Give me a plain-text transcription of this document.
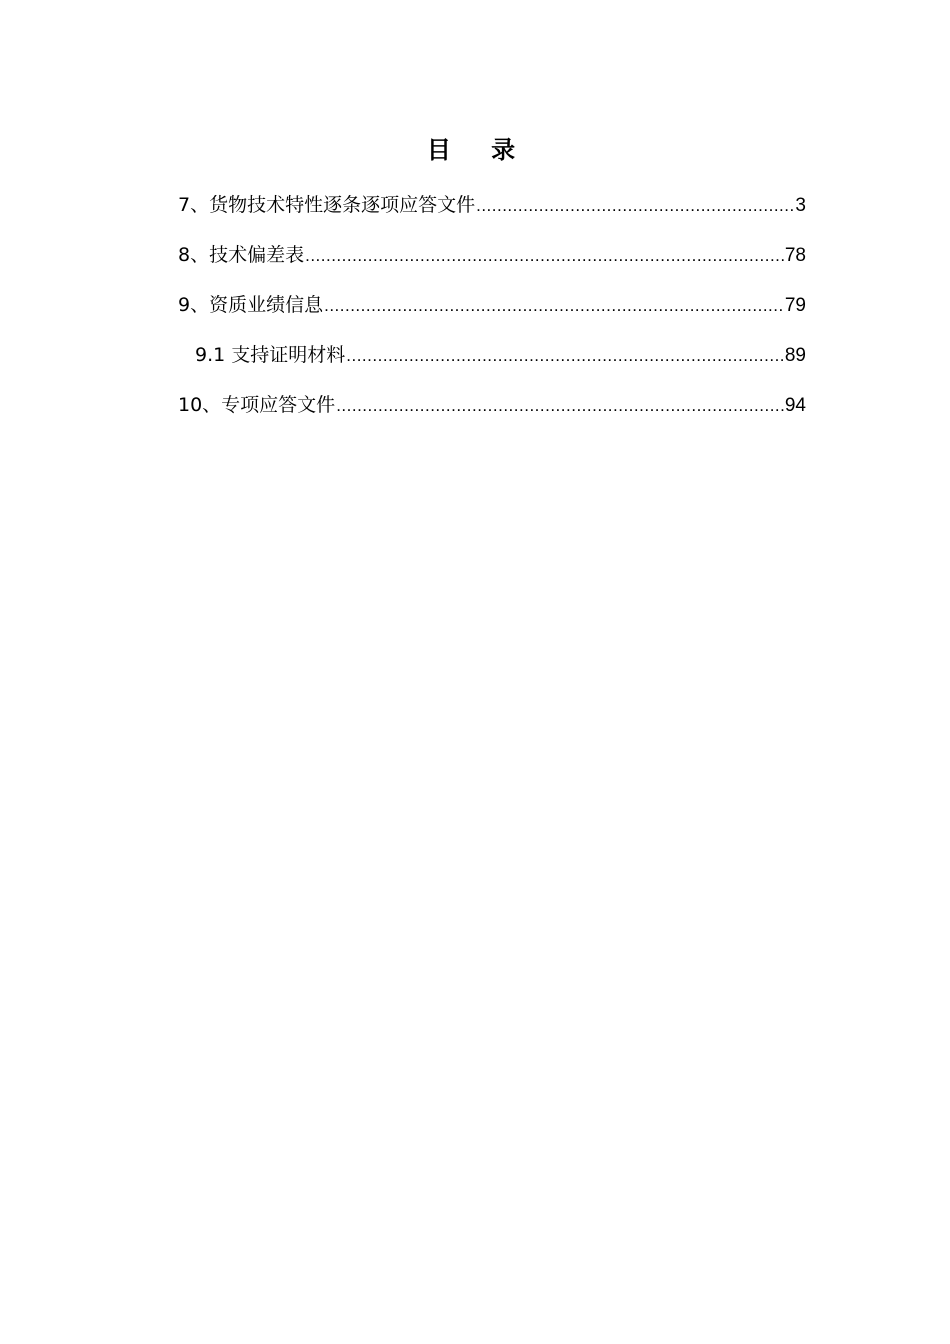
目 录
7、货物技术特性逐条逐项应答文件 .....	3
8、技术偏差表 .....	78
9、资质业绩信息 .....	79
9.1 支持证明材料 .....	89
10、专项应答文件 .....	94
